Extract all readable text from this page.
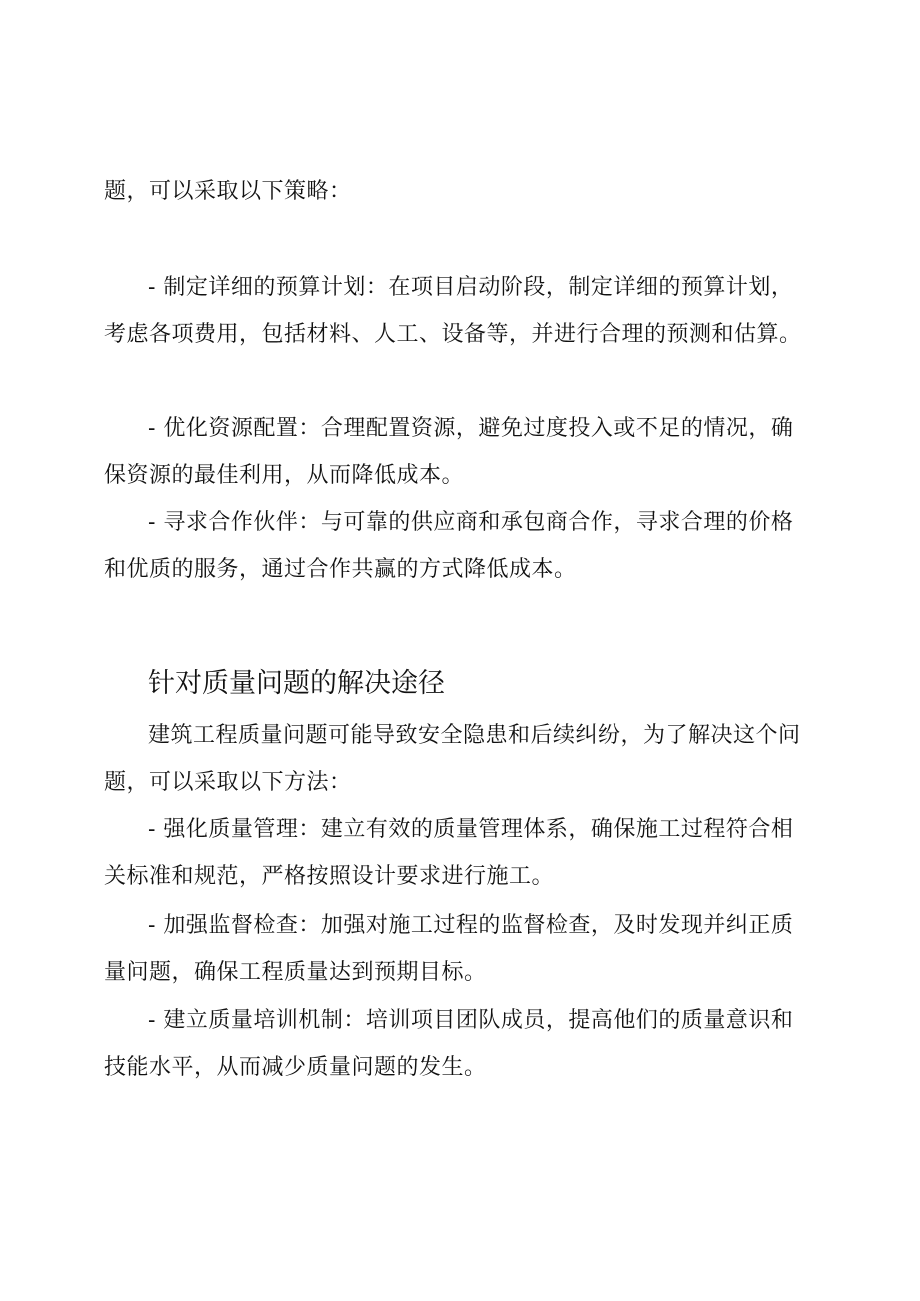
题，可以采取以下策略：

- 制定详细的预算计划：在项目启动阶段，制定详细的预算计划，考虑各项费用，包括材料、人工、设备等，并进行合理的预测和估算。

- 优化资源配置：合理配置资源，避免过度投入或不足的情况，确保资源的最佳利用，从而降低成本。

- 寻求合作伙伴：与可靠的供应商和承包商合作，寻求合理的价格和优质的服务，通过合作共赢的方式降低成本。

针对质量问题的解决途径

建筑工程质量问题可能导致安全隐患和后续纠纷，为了解决这个问题，可以采取以下方法：

- 强化质量管理：建立有效的质量管理体系，确保施工过程符合相关标准和规范，严格按照设计要求进行施工。

- 加强监督检查：加强对施工过程的监督检查，及时发现并纠正质量问题，确保工程质量达到预期目标。

- 建立质量培训机制：培训项目团队成员，提高他们的质量意识和技能水平，从而减少质量问题的发生。
